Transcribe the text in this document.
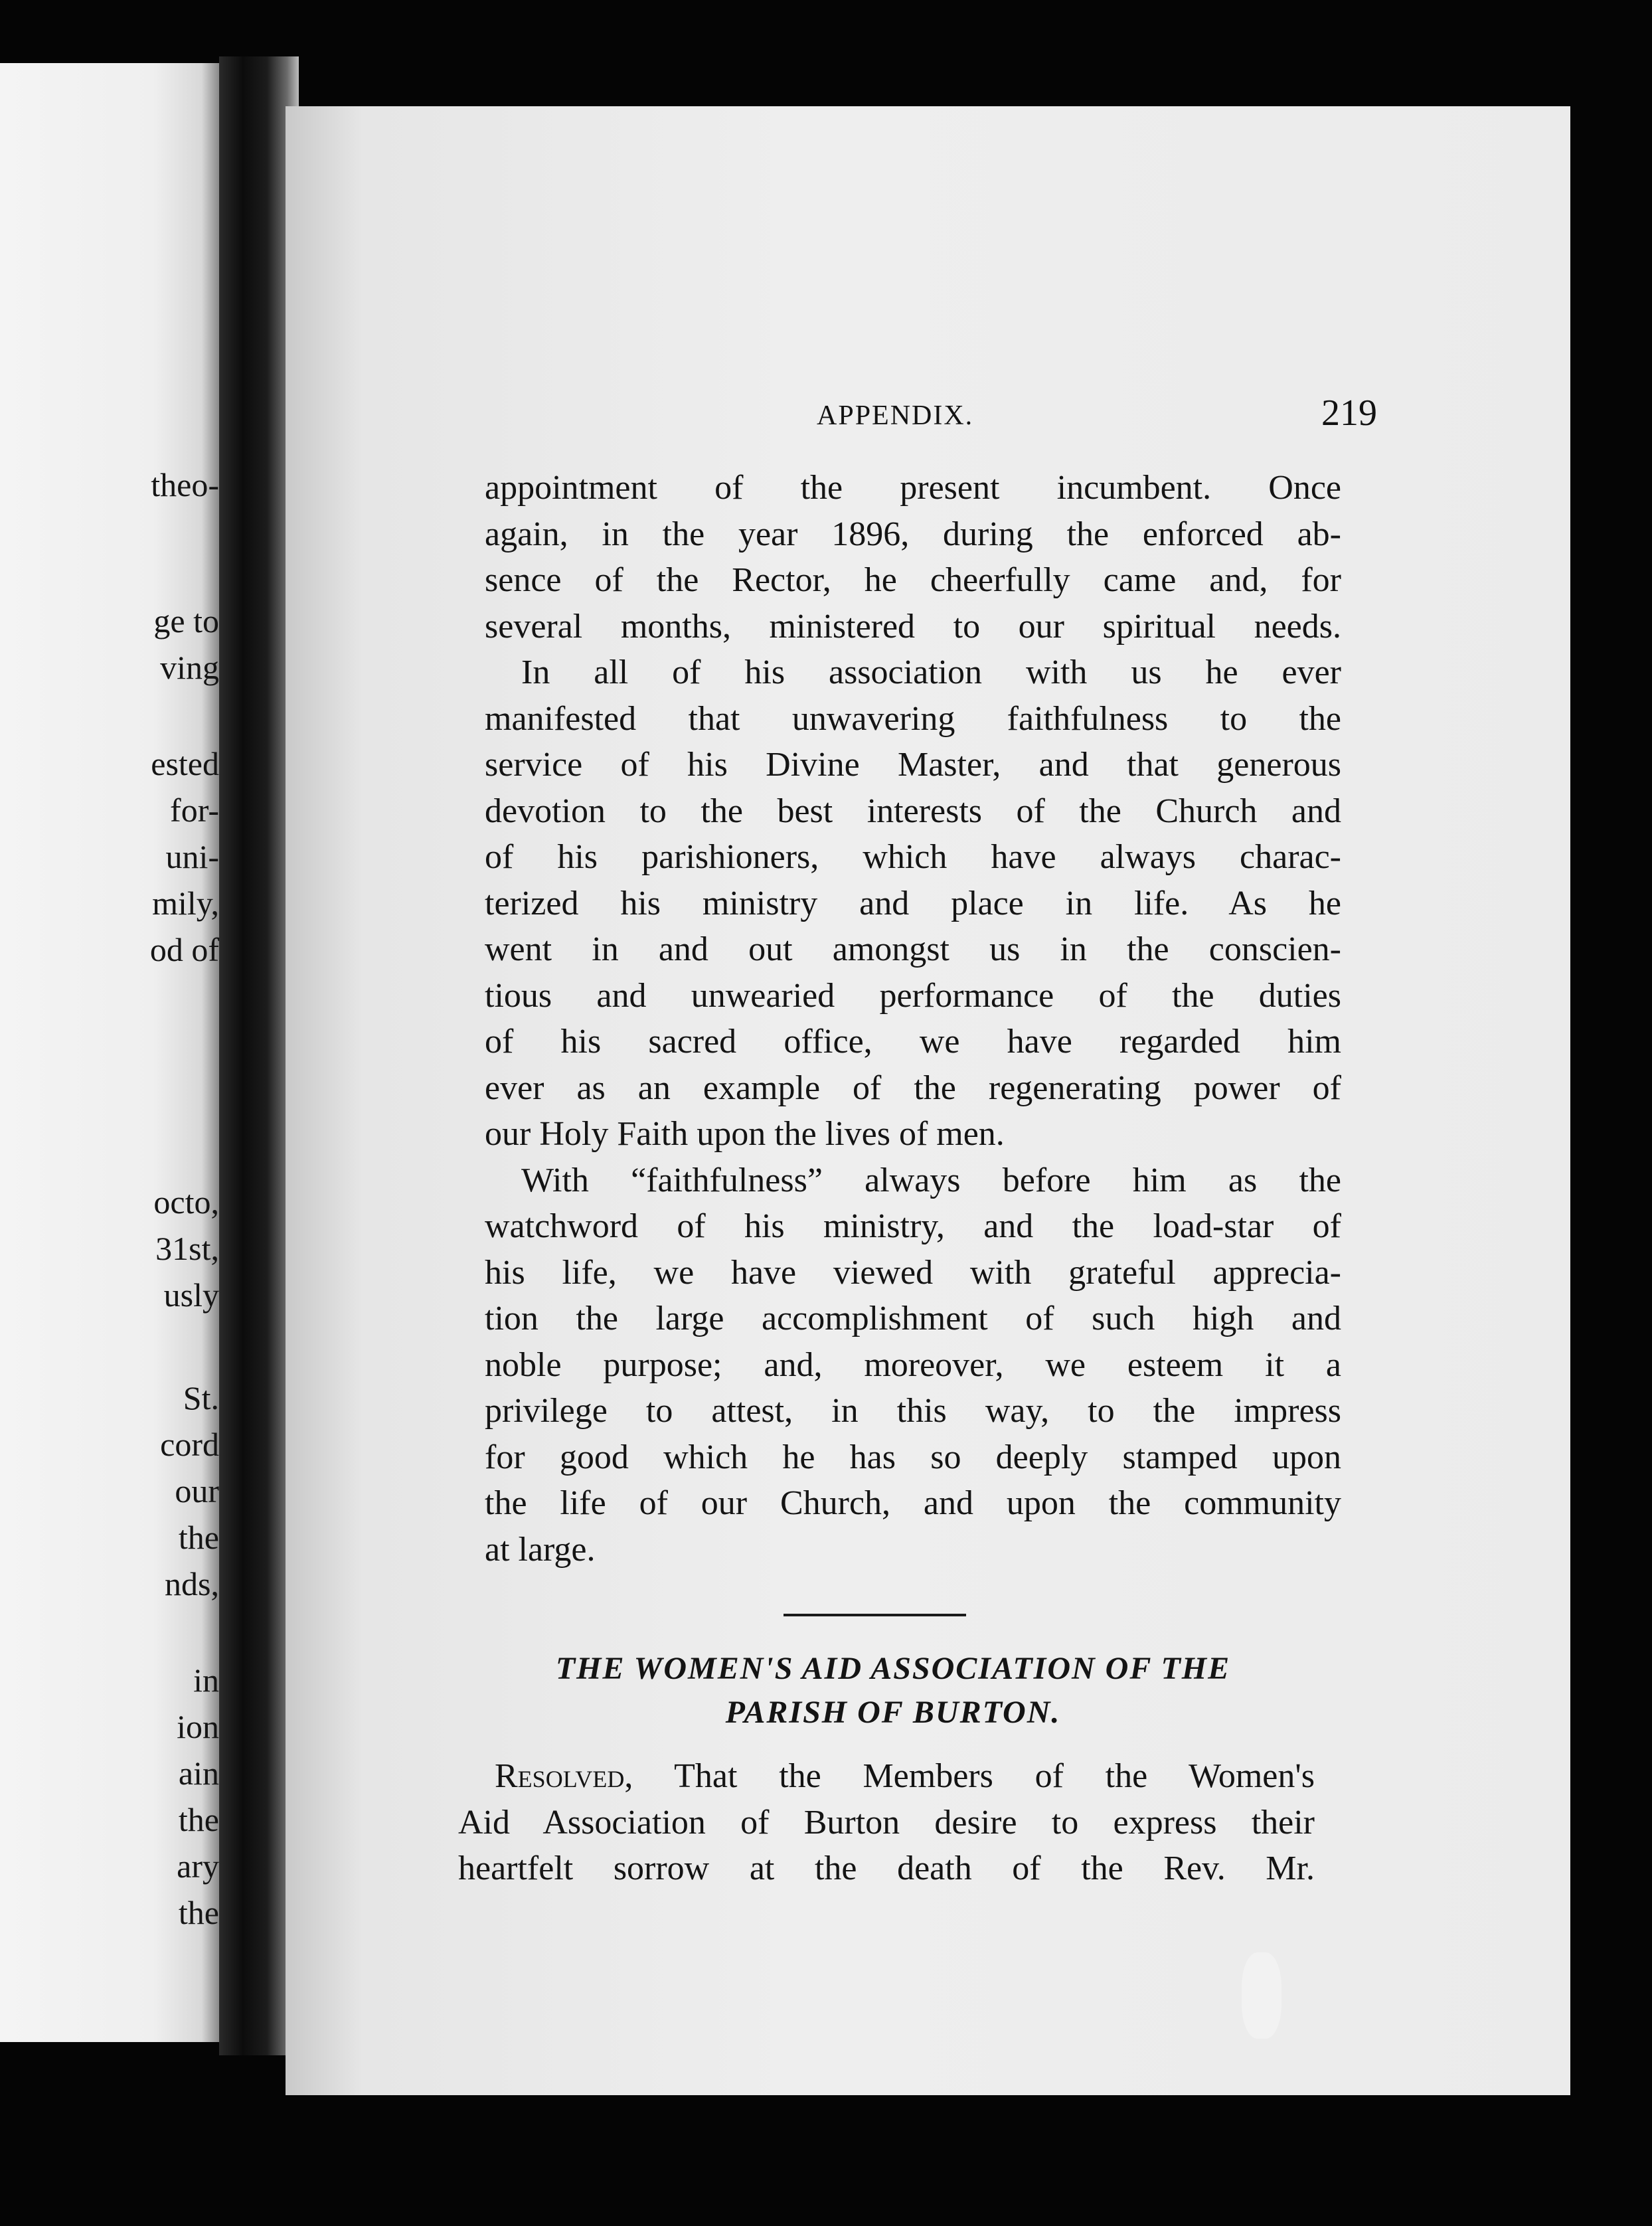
theo-

ge to

ving

ested

for-

uni-

mily,

od of

octo,

31st,

usly

St.

cord

our

the

nds,

in

ion

ain

the

ary

the

APPENDIX.	219

appointment of the present incumbent. Once

again, in the year 1896, during the enforced ab-

sence of the Rector, he cheerfully came and, for

several months, ministered to our spiritual needs.

In all of his association with us he ever

manifested that unwavering faithfulness to the

service of his Divine Master, and that generous

devotion to the best interests of the Church and

of his parishioners, which have always charac-

terized his ministry and place in life. As he

went in and out amongst us in the conscien-

tious and unwearied performance of the duties

of his sacred office, we have regarded him

ever as an example of the regenerating power of

our Holy Faith upon the lives of men.

With “faithfulness” always before him as the

watchword of his ministry, and the load-star of

his life, we have viewed with grateful apprecia-

tion the large accomplishment of such high and

noble purpose; and, moreover, we esteem it a

privilege to attest, in this way, to the impress

for good which he has so deeply stamped upon

the life of our Church, and upon the community

at large.

THE WOMEN'S AID ASSOCIATION OF THE

PARISH OF BURTON.

Resolved, That the Members of the Women's

Aid Association of Burton desire to express their

heartfelt sorrow at the death of the Rev. Mr.
